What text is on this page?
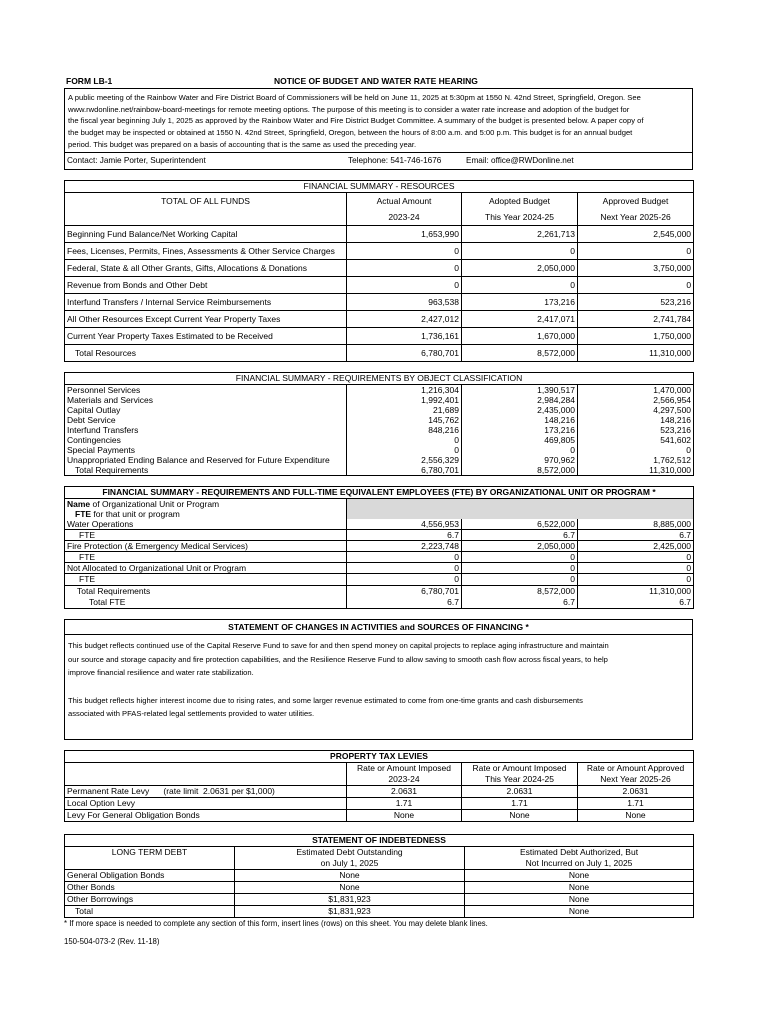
FORM LB-1	NOTICE OF BUDGET AND WATER RATE HEARING
A public meeting of the Rainbow Water and Fire District Board of Commissioners will be held on June 11, 2025 at 5:30pm at 1550 N. 42nd Street, Springfield, Oregon. See
www.rwdonline.net/rainbow-board-meetings for remote meeting options. The purpose of this meeting is to consider a water rate increase and adoption of the budget for
the fiscal year beginning July 1, 2025 as approved by the Rainbow Water and Fire District Budget Committee. A summary of the budget is presented below. A paper copy of
the budget may be inspected or obtained at 1550 N. 42nd Street, Springfield, Oregon, between the hours of 8:00 a.m. and 5:00 p.m. This budget is for an annual budget
period. This budget was prepared on a basis of accounting that is the same as used the preceding year.
Contact: Jamie Porter, Superintendent	Telephone: 541-746-1676	Email: office@RWDonline.net
FINANCIAL SUMMARY - RESOURCES			
TOTAL OF ALL FUNDS	Actual Amount	Adopted Budget	Approved Budget
	2023-24	This Year 2024-25	Next Year 2025-26
Beginning Fund Balance/Net Working Capital	1,653,990	2,261,713	2,545,000
Fees, Licenses, Permits, Fines, Assessments & Other Service Charges	0	0	0
Federal, State & all Other Grants, Gifts, Allocations & Donations	0	2,050,000	3,750,000
Revenue from Bonds and Other Debt	0	0	0
Interfund Transfers / Internal Service Reimbursements	963,538	173,216	523,216
All Other Resources Except Current Year Property Taxes	2,427,012	2,417,071	2,741,784
Current Year Property Taxes Estimated to be Received	1,736,161	1,670,000	1,750,000
Total Resources	6,780,701	8,572,000	11,310,000
FINANCIAL SUMMARY - REQUIREMENTS BY OBJECT CLASSIFICATION			
Personnel Services	1,216,304	1,390,517	1,470,000
Materials and Services	1,992,401	2,984,284	2,566,954
Capital Outlay	21,689	2,435,000	4,297,500
Debt Service	145,762	148,216	148,216
Interfund Transfers	848,216	173,216	523,216
Contingencies	0	469,805	541,602
Special Payments	0	0	0
Unappropriated Ending Balance and Reserved for Future Expenditure	2,556,329	970,962	1,762,512
Total Requirements	6,780,701	8,572,000	11,310,000
FINANCIAL SUMMARY - REQUIREMENTS AND FULL-TIME EQUIVALENT EMPLOYEES (FTE) BY ORGANIZATIONAL UNIT OR PROGRAM *			
Name of Organizational Unit or Program			
FTE for that unit or program			
Water Operations	4,556,953	6,522,000	8,885,000
FTE	6.7	6.7	6.7
Fire Protection (& Emergency Medical Services)	2,223,748	2,050,000	2,425,000
FTE	0	0	0
Not Allocated to Organizational Unit or Program	0	0	0
FTE	0	0	0
Total Requirements	6,780,701	8,572,000	11,310,000
Total FTE	6.7	6.7	6.7
STATEMENT OF CHANGES IN ACTIVITIES and SOURCES OF FINANCING *
This budget reflects continued use of the Capital Reserve Fund to save for and then spend money on capital projects to replace aging infrastructure and maintain
our source and storage capacity and fire protection capabilities, and the Resilience Reserve Fund to allow saving to smooth cash flow across fiscal years, to help
improve financial resilience and water rate stabilization.
This budget reflects higher interest income due to rising rates, and some larger revenue estimated to come from one-time grants and cash disbursements
associated with PFAS-related legal settlements provided to water utilities.
PROPERTY TAX LEVIES			
	Rate or Amount Imposed	Rate or Amount Imposed	Rate or Amount Approved
	2023-24	This Year 2024-25	Next Year 2025-26
Permanent Rate Levy      (rate limit  2.0631 per $1,000)	2.0631	2.0631	2.0631
Local Option Levy	1.71	1.71	1.71
Levy For General Obligation Bonds	None	None	None
STATEMENT OF INDEBTEDNESS		
LONG TERM DEBT	Estimated Debt Outstanding	Estimated Debt Authorized, But
	on July 1, 2025	Not Incurred on July 1, 2025
General Obligation Bonds	None	None
Other Bonds	None	None
Other Borrowings	$1,831,923	None
Total	$1,831,923	None
* If more space is needed to complete any section of this form, insert lines (rows) on this sheet. You may delete blank lines.
150-504-073-2 (Rev. 11-18)
